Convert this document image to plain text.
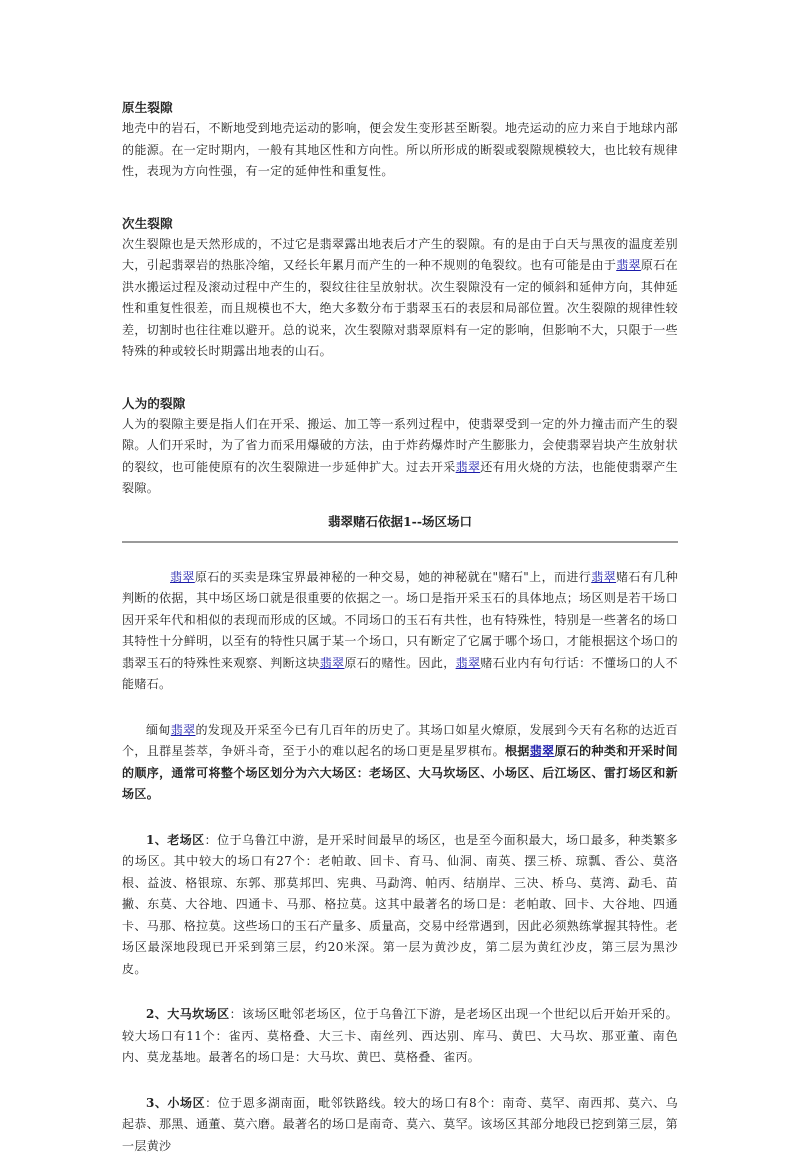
原生裂隙

地壳中的岩石，不断地受到地壳运动的影响，便会发生变形甚至断裂。地壳运动的应力来自于地球内部的能源。在一定时期内，一般有其地区性和方向性。所以所形成的断裂或裂隙规模较大，也比较有规律性，表现为方向性强，有一定的延伸性和重复性。

次生裂隙

次生裂隙也是天然形成的，不过它是翡翠露出地表后才产生的裂隙。有的是由于白天与黑夜的温度差别大，引起翡翠岩的热胀冷缩，又经长年累月而产生的一种不规则的龟裂纹。也有可能是由于翡翠原石在洪水搬运过程及滚动过程中产生的，裂纹往往呈放射状。次生裂隙没有一定的倾斜和延伸方向，其伸延性和重复性很差，而且规模也不大，绝大多数分布于翡翠玉石的表层和局部位置。次生裂隙的规律性较差，切割时也往往难以避开。总的说来，次生裂隙对翡翠原料有一定的影响，但影响不大，只限于一些特殊的种或较长时期露出地表的山石。

人为的裂隙

人为的裂隙主要是指人们在开采、搬运、加工等一系列过程中，使翡翠受到一定的外力撞击而产生的裂隙。人们开采时，为了省力而采用爆破的方法，由于炸药爆炸时产生膨胀力，会使翡翠岩块产生放射状的裂纹，也可能使原有的次生裂隙进一步延伸扩大。过去开采翡翠还有用火烧的方法，也能使翡翠产生裂隙。

翡翠赌石依据1--场区场口

翡翠原石的买卖是珠宝界最神秘的一种交易，她的神秘就在"赌石"上，而进行翡翠赌石有几种判断的依据，其中场区场口就是很重要的依据之一。场口是指开采玉石的具体地点；场区则是若干场口因开采年代和相似的表现而形成的区域。不同场口的玉石有共性，也有特殊性，特别是一些著名的场口其特性十分鲜明，以至有的特性只属于某一个场口，只有断定了它属于哪个场口，才能根据这个场口的翡翠玉石的特殊性来观察、判断这块翡翠原石的赌性。因此，翡翠赌石业内有句行话：不懂场口的人不能赌石。

缅甸翡翠的发现及开采至今已有几百年的历史了。其场口如星火燎原，发展到今天有名称的达近百个，且群星荟萃，争妍斗奇，至于小的难以起名的场口更是星罗棋布。根据翡翠原石的种类和开采时间的顺序，通常可将整个场区划分为六大场区：老场区、大马坎场区、小场区、后江场区、雷打场区和新场区。

1、老场区：位于乌鲁江中游，是开采时间最早的场区，也是至今面积最大，场口最多，种类繁多的场区。其中较大的场口有27个：老帕敢、回卡、育马、仙洞、南英、摆三桥、琼瓢、香公、莫洛根、益波、格银琼、东郭、那莫邦凹、宪典、马勐湾、帕丙、结崩岸、三决、桥乌、莫湾、勐毛、苗撇、东莫、大谷地、四通卡、马那、格拉莫。这其中最著名的场口是：老帕敢、回卡、大谷地、四通卡、马那、格拉莫。这些场口的玉石产量多、质量高，交易中经常遇到，因此必须熟练掌握其特性。老场区最深地段现已开采到第三层，约20米深。第一层为黄沙皮，第二层为黄红沙皮，第三层为黑沙皮。

2、大马坎场区：该场区毗邻老场区，位于乌鲁江下游，是老场区出现一个世纪以后开始开采的。较大场口有11个：雀丙、莫格叠、大三卡、南丝列、西达别、库马、黄巴、大马坎、那亚董、南色内、莫龙基地。最著名的场口是：大马坎、黄巴、莫格叠、雀丙。

3、小场区：位于恩多湖南面，毗邻铁路线。较大的场口有8个：南奇、莫罕、南西邦、莫六、乌起恭、那黑、通董、莫六磨。最著名的场口是南奇、莫六、莫罕。该场区其部分地段已挖到第三层，第一层黄沙
